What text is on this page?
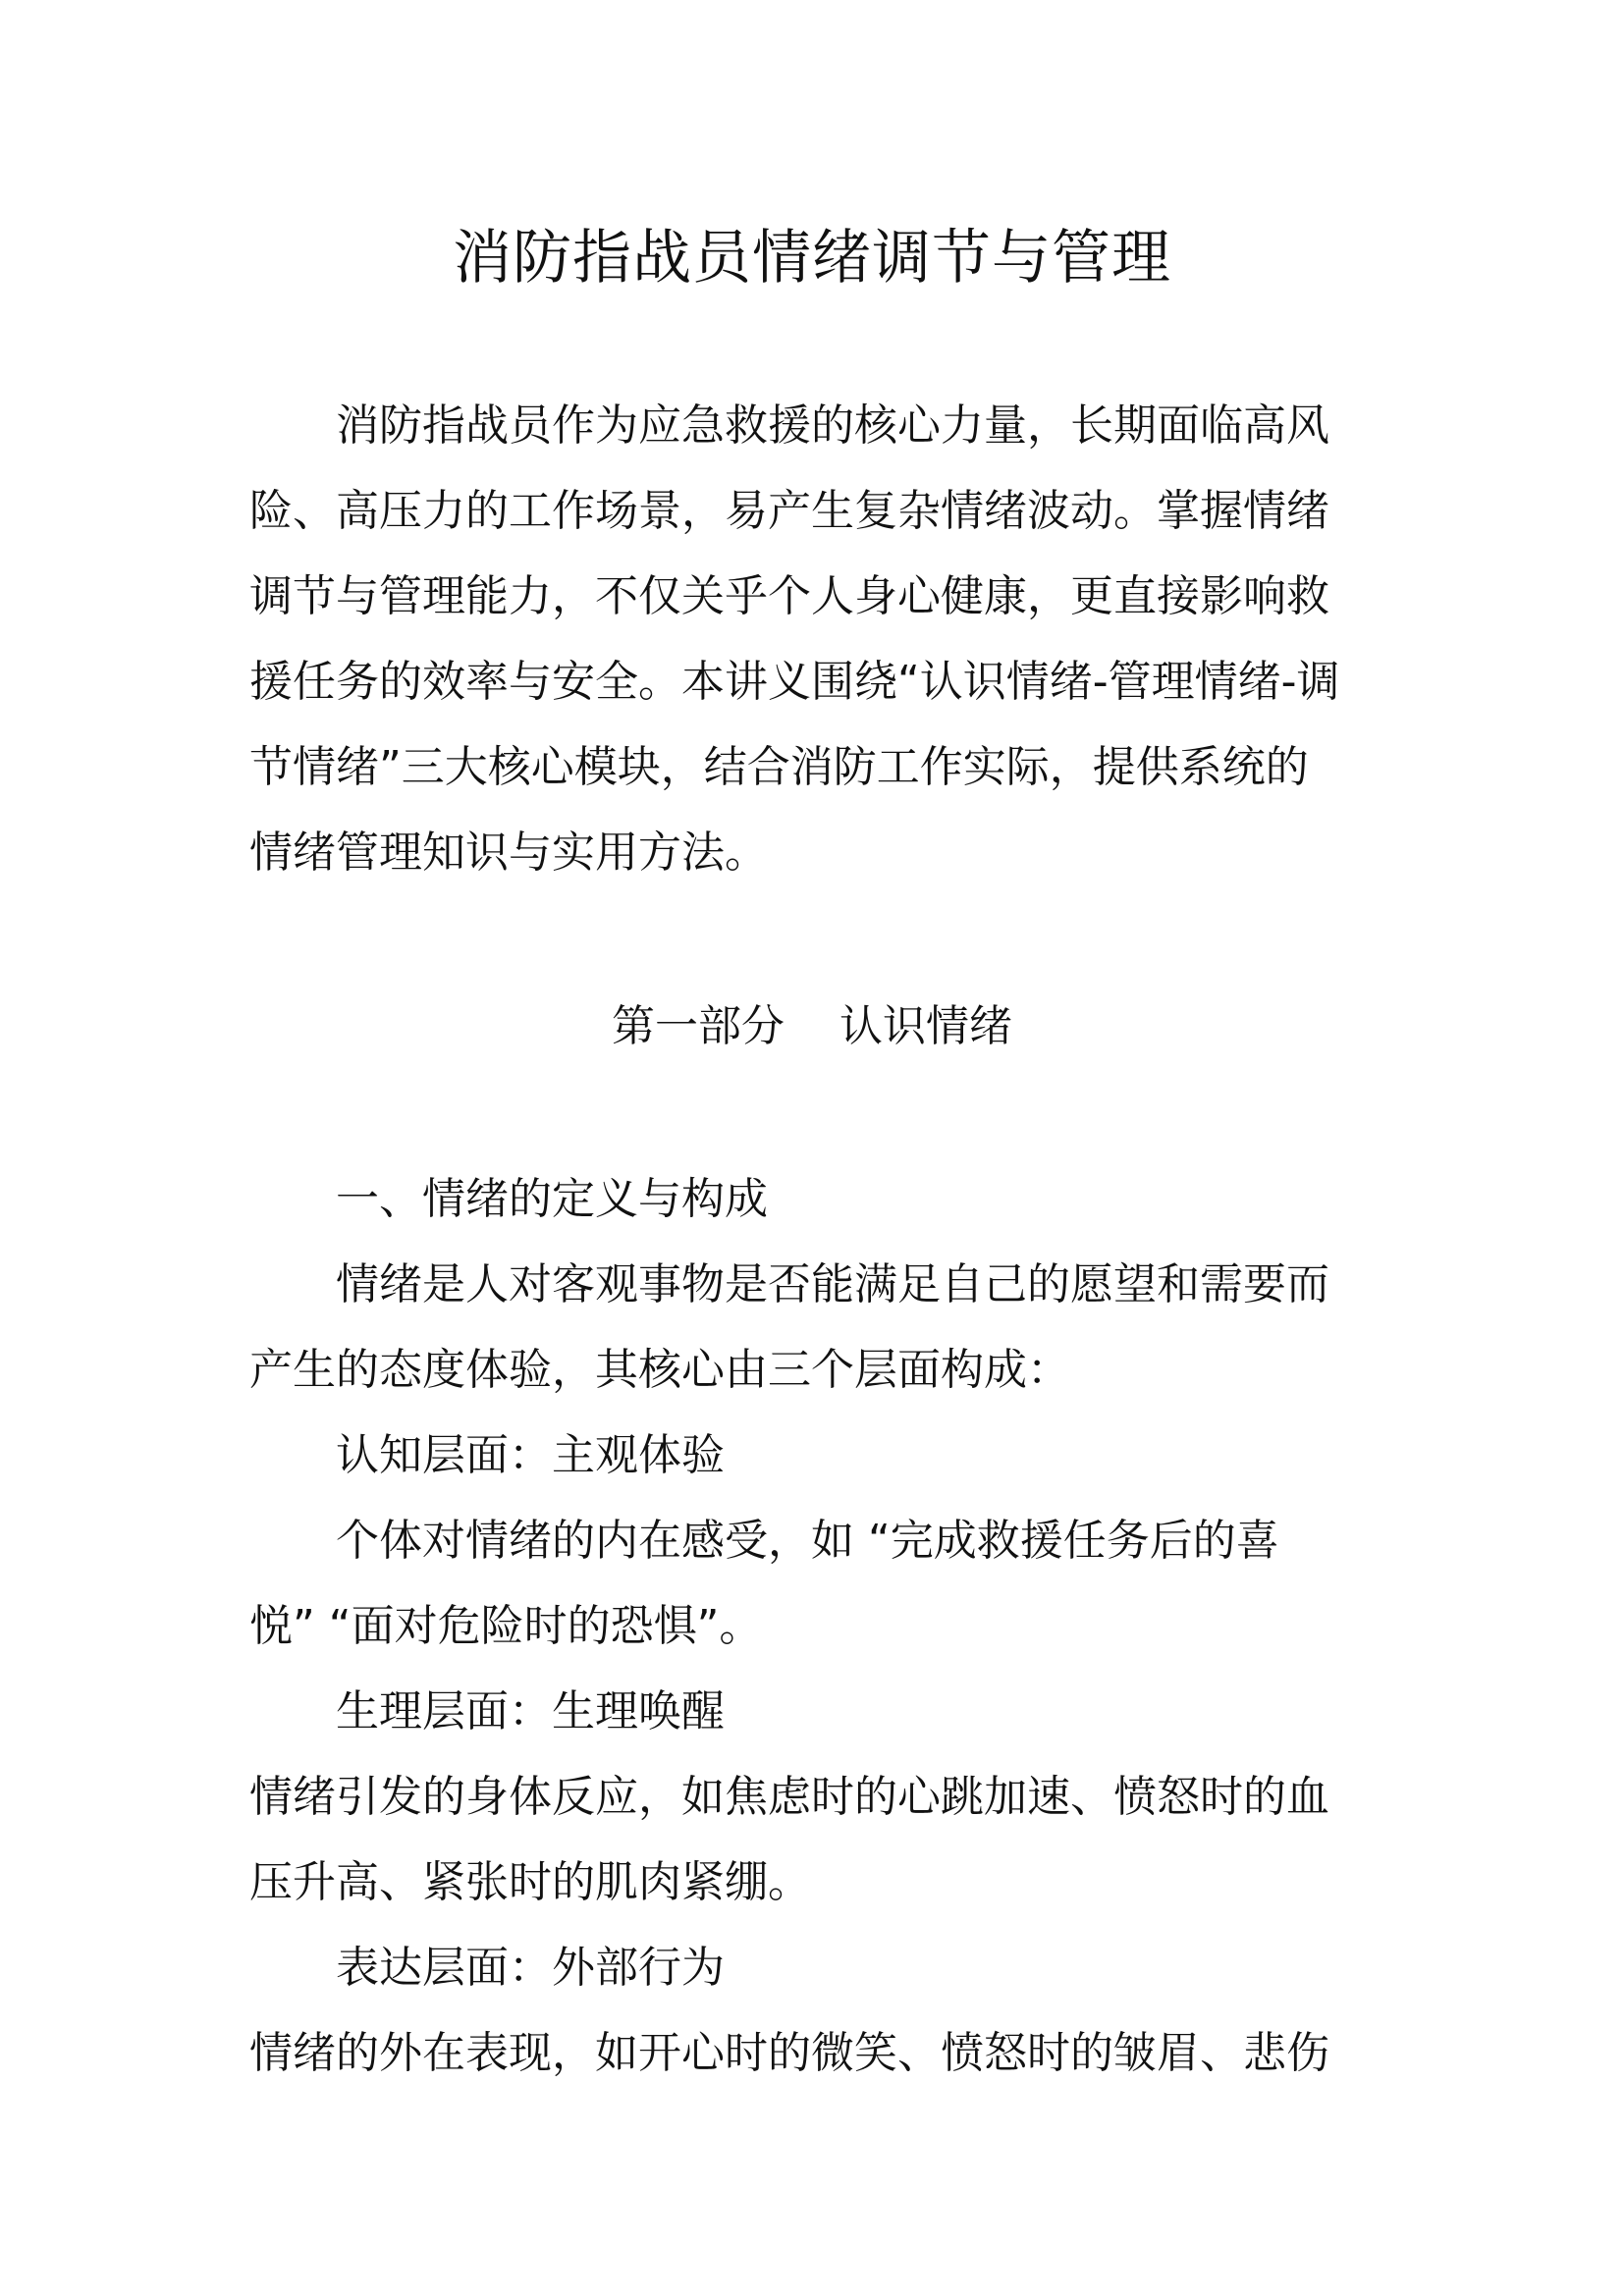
消防指战员情绪调节与管理
消防指战员作为应急救援的核心力量，长期面临高风
险、高压力的工作场景，易产生复杂情绪波动。掌握情绪
调节与管理能力，不仅关乎个人身心健康，更直接影响救
援任务的效率与安全。本讲义围绕“认识情绪-管理情绪-调
节情绪”三大核心模块，结合消防工作实际，提供系统的
情绪管理知识与实用方法。
第一部分    认识情绪
一、情绪的定义与构成
情绪是人对客观事物是否能满足自己的愿望和需要而
产生的态度体验，其核心由三个层面构成：
认知层面：主观体验
个体对情绪的内在感受，如 “完成救援任务后的喜
悦” “面对危险时的恐惧”。
生理层面：生理唤醒
情绪引发的身体反应，如焦虑时的心跳加速、愤怒时的血
压升高、紧张时的肌肉紧绷。
表达层面：外部行为
情绪的外在表现，如开心时的微笑、愤怒时的皱眉、悲伤
